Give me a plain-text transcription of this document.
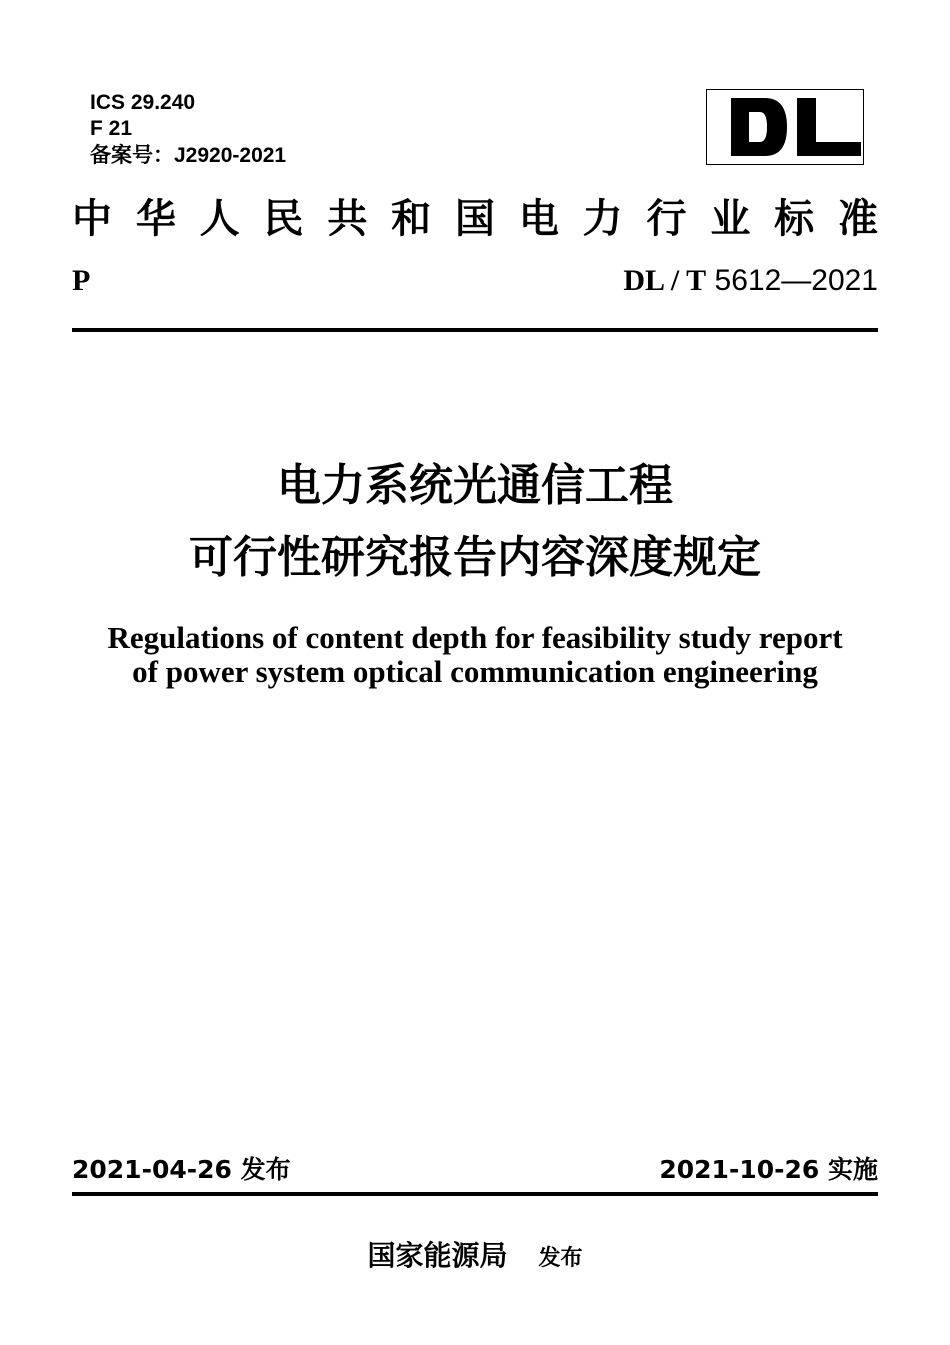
ICS 29.240
F 21
备案号：J2920-2021
中华人民共和国电力行业标准
P	DL / T 5612—2021
电力系统光通信工程
可行性研究报告内容深度规定
Regulations of content depth for feasibility study report
of power system optical communication engineering
2021-04-26 发布	2021-10-26 实施
国家能源局 发布
